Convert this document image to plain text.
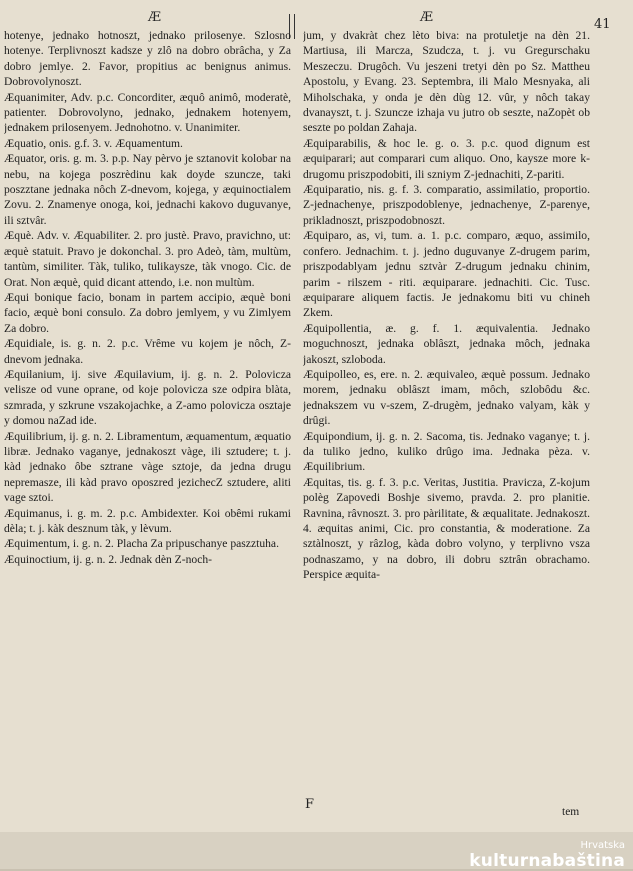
Æ	Æ	41

hotenye, jednako hotnoszt, jednako prilosenye. Szlosno hotenye. Terplivnoszt kadsze y zlô na dobro obrâcha, y Za dobro jemlye. 2. Favor, propitius ac benignus animus. Dobrovolynoszt.

Æquanimiter, Adv. p.c. Concorditer, æquô animô, moderatè, patienter. Dobrovolyno, jednako, jednakem hotenyem, jednakem prilosenyem. Jednohotno. v. Unanimiter.

Æquatio, onis. g.f. 3. v. Æquamentum.

Æquator, oris. g. m. 3. p.p. Nay pèrvo je sztanovit kolobar na nebu, na kojega poszrèdinu kak doyde szuncze, taki poszztane jednaka nôch Z-dnevom, kojega, y æquinoctialem Zovu. 2. Znamenye onoga, koi, jednachi kakovo duguvanye, ili sztvâr.

Æquè. Adv. v. Æquabiliter. 2. pro justè. Pravo, pravichno, ut: æquè statuit. Pravo je dokonchal. 3. pro Adeò, tàm, multùm, tantùm, similiter. Tàk, tuliko, tulikaysze, tàk vnogo. Cic. de Orat. Non æquè, quid dicant attendo, i.e. non multùm.

Æqui bonique facio, bonam in partem accipio, æquè boni facio, æquè boni consulo. Za dobro jemlyem, y vu Zimlyem Za dobro.

Æquidiale, is. g. n. 2. p.c. Vrême vu kojem je nôch, Z-dnevom jednaka.

Æquilanium, ij. sive Æquilavium, ij. g. n. 2. Polovicza velisze od vune oprane, od koje polovicza sze odpira blàta, szmrada, y szkrune vszakojachke, a Z-amo polovicza osztaje y domou naZad ide.

Æquilibrium, ij. g. n. 2. Libramentum, æquamentum, æquatio libræ. Jednako vaganye, jednakoszt vàge, ili sztudere; t. j. kàd jednako ôbe sztrane vàge sztoje, da jedna drugu nepremasze, ili kàd pravo oposzred jezichecZ sztudere, aliti vage sztoi.

Æquimanus, i. g. m. 2. p.c. Ambidexter. Koi obêmi rukami dèla; t. j. kàk desznum tàk, y lèvum.

Æquimentum, i. g. n. 2. Placha Za pripuschanye paszztuha.

Æquinoctium, ij. g. n. 2. Jednak dèn Z-noch-

jum, y dvakràt chez lèto biva: na protuletje na dèn 21. Martiusa, ili Marcza, Szudcza, t. j. vu Gregurschaku Meszeczu. Drugôch. Vu jeszeni tretyi dèn po Sz. Mattheu Apostolu, y Evang. 23. Septembra, ili Malo Mesnyaka, ali Miholschaka, y onda je dèn dùg 12. vûr, y nôch takay dvanayszt, t. j. Szuncze izhaja vu jutro ob seszte, naZopèt ob seszte po poldan Zahaja.

Æquiparabilis, & hoc le. g. o. 3. p.c. quod dignum est æquiparari; aut comparari cum aliquo. Ono, kaysze more k-drugomu priszpodobiti, ili szniym Z-jednachiti, Z-pariti.

Æquiparatio, nis. g. f. 3. comparatio, assimilatio, proportio. Z-jednachenye, priszpodoblenye, jednachenye, Z-parenye, prikladnoszt, priszpodobnoszt.

Æquiparo, as, vi, tum. a. 1. p.c. comparo, æquo, assimilo, confero. Jednachim. t. j. jedno duguvanye Z-drugem parim, priszpodablyam jednu sztvàr Z-drugum jednaku chinim, parim - rilszem - riti. æquiparare. jednachiti. Cic. Tusc. æquiparare aliquem factis. Je jednakomu biti vu chineh Zkem.

Æquipollentia, æ. g. f. 1. æquivalentia. Jednako moguchnoszt, jednaka oblâszt, jednaka môch, jednaka jakoszt, szloboda.

Æquipolleo, es, ere. n. 2. æquivaleo, æquè possum. Jednako morem, jednaku oblâszt imam, môch, szlobôdu &c. jednakszem vu v-szem, Z-drugèm, jednako valyam, kàk y drûgi.

Æquipondium, ij. g. n. 2. Sacoma, tis. Jednako vaganye; t. j. da tuliko jedno, kuliko drûgo ima. Jednaka pèza. v. Æquilibrium.

Æquitas, tis. g. f. 3. p.c. Veritas, Justitia. Pravicza, Z-kojum polèg Zapovedi Boshje sivemo, pravda. 2. pro planitie. Ravnina, râvnoszt. 3. pro pàrilitate, & æqualitate. Jednakoszt. 4. æquitas animi, Cic. pro constantia, & moderatione. Za sztàlnoszt, y râzlog, kàda dobro volyno, y terplivno vsza podnaszamo, y na dobro, ili dobru sztrân obrachamo. Perspice æquita-

F	tem
Hrvatska
kulturnabaština
